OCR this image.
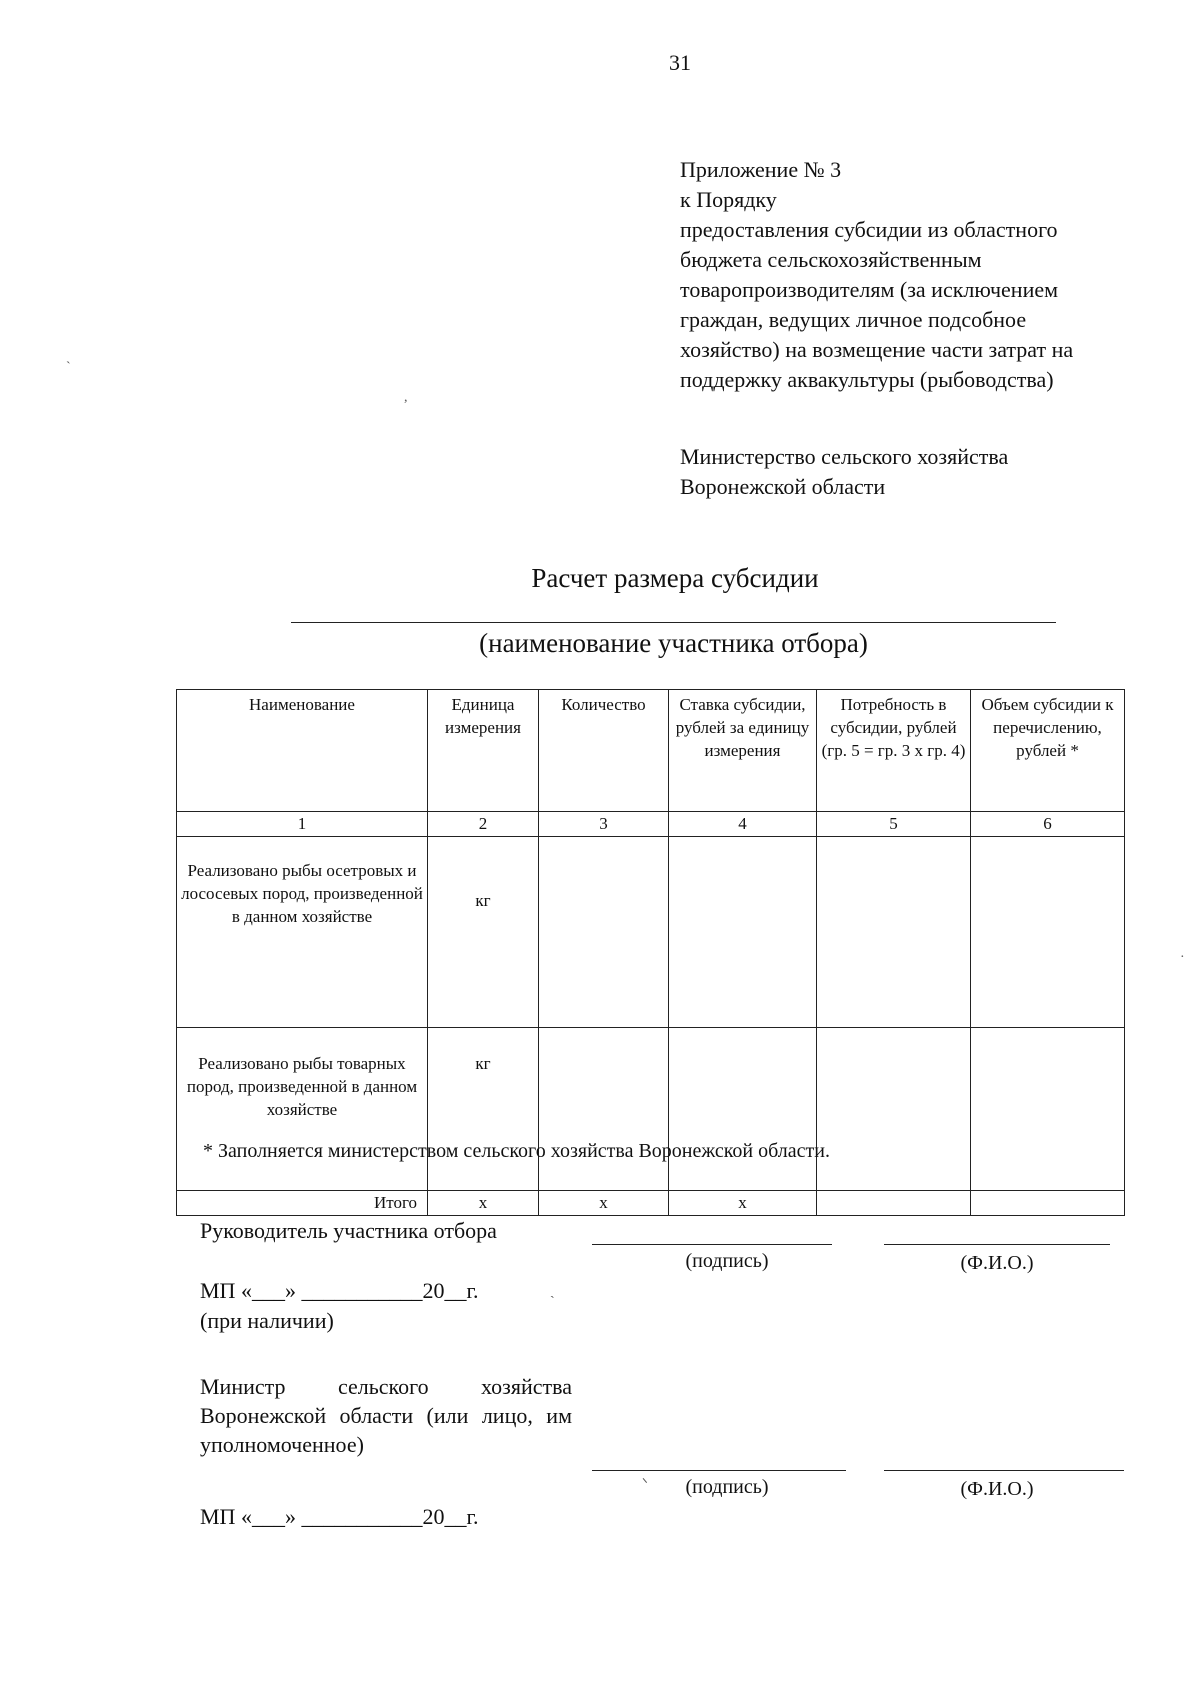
31
Приложение № 3
к Порядку
предоставления субсидии из областного
бюджета сельскохозяйственным
товаропроизводителям (за исключением
граждан, ведущих личное подсобное
хозяйство) на возмещение части затрат на
поддержку аквакультуры (рыбоводства)
Министерство сельского хозяйства
Воронежской области
`
,
·
Расчет размера субсидии
(наименование участника отбора)
Наименование	Единица измерения	Количество	Ставка субсидии, рублей за единицу измерения	Потребность в субсидии, рублей (гр. 5 = гр. 3 х гр. 4)	Объем субсидии к перечислению, рублей *
1	2	3	4	5	6
Реализовано рыбы осетровых и лососевых пород, произведенной в данном хозяйстве	кг				
Реализовано рыбы товарных пород, произведенной в данном хозяйстве	кг				
Итого	х	х	х		
* Заполняется министерством сельского хозяйства Воронежской области.
Руководитель участника отбора
(подпись)	(Ф.И.О.)
МП «___» ___________20__г.	ˏ
(при наличии)
Министр сельского хозяйства Воронежской области (или лицо, им уполномоченное)
ᐠ	(подпись)	(Ф.И.О.)
МП «___» ___________20__г.
